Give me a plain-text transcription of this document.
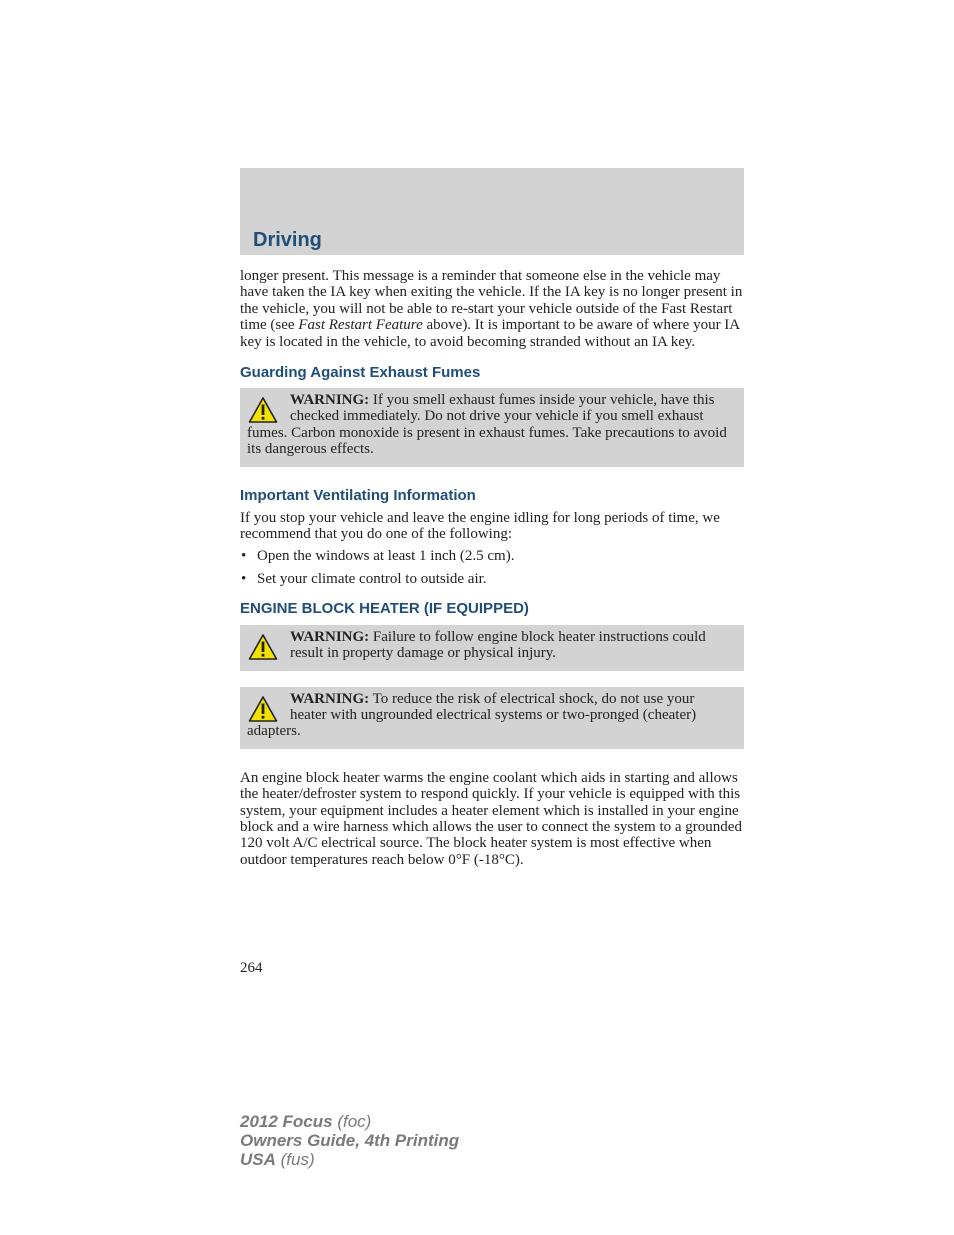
Driving

longer present. This message is a reminder that someone else in the vehicle may have taken the IA key when exiting the vehicle. If the IA key is no longer present in the vehicle, you will not be able to re-start your vehicle outside of the Fast Restart time (see Fast Restart Feature above). It is important to be aware of where your IA key is located in the vehicle, to avoid becoming stranded without an IA key.

Guarding Against Exhaust Fumes

WARNING: If you smell exhaust fumes inside your vehicle, have this checked immediately. Do not drive your vehicle if you smell exhaust fumes. Carbon monoxide is present in exhaust fumes. Take precautions to avoid its dangerous effects.

Important Ventilating Information

If you stop your vehicle and leave the engine idling for long periods of time, we recommend that you do one of the following:

• Open the windows at least 1 inch (2.5 cm).
• Set your climate control to outside air.
ENGINE BLOCK HEATER (IF EQUIPPED)

WARNING: Failure to follow engine block heater instructions could result in property damage or physical injury.

WARNING: To reduce the risk of electrical shock, do not use your heater with ungrounded electrical systems or two-pronged (cheater) adapters.

An engine block heater warms the engine coolant which aids in starting and allows the heater/defroster system to respond quickly. If your vehicle is equipped with this system, your equipment includes a heater element which is installed in your engine block and a wire harness which allows the user to connect the system to a grounded 120 volt A/C electrical source. The block heater system is most effective when outdoor temperatures reach below 0°F (-18°C).

264
2012 Focus (foc)
Owners Guide, 4th Printing
USA (fus)
